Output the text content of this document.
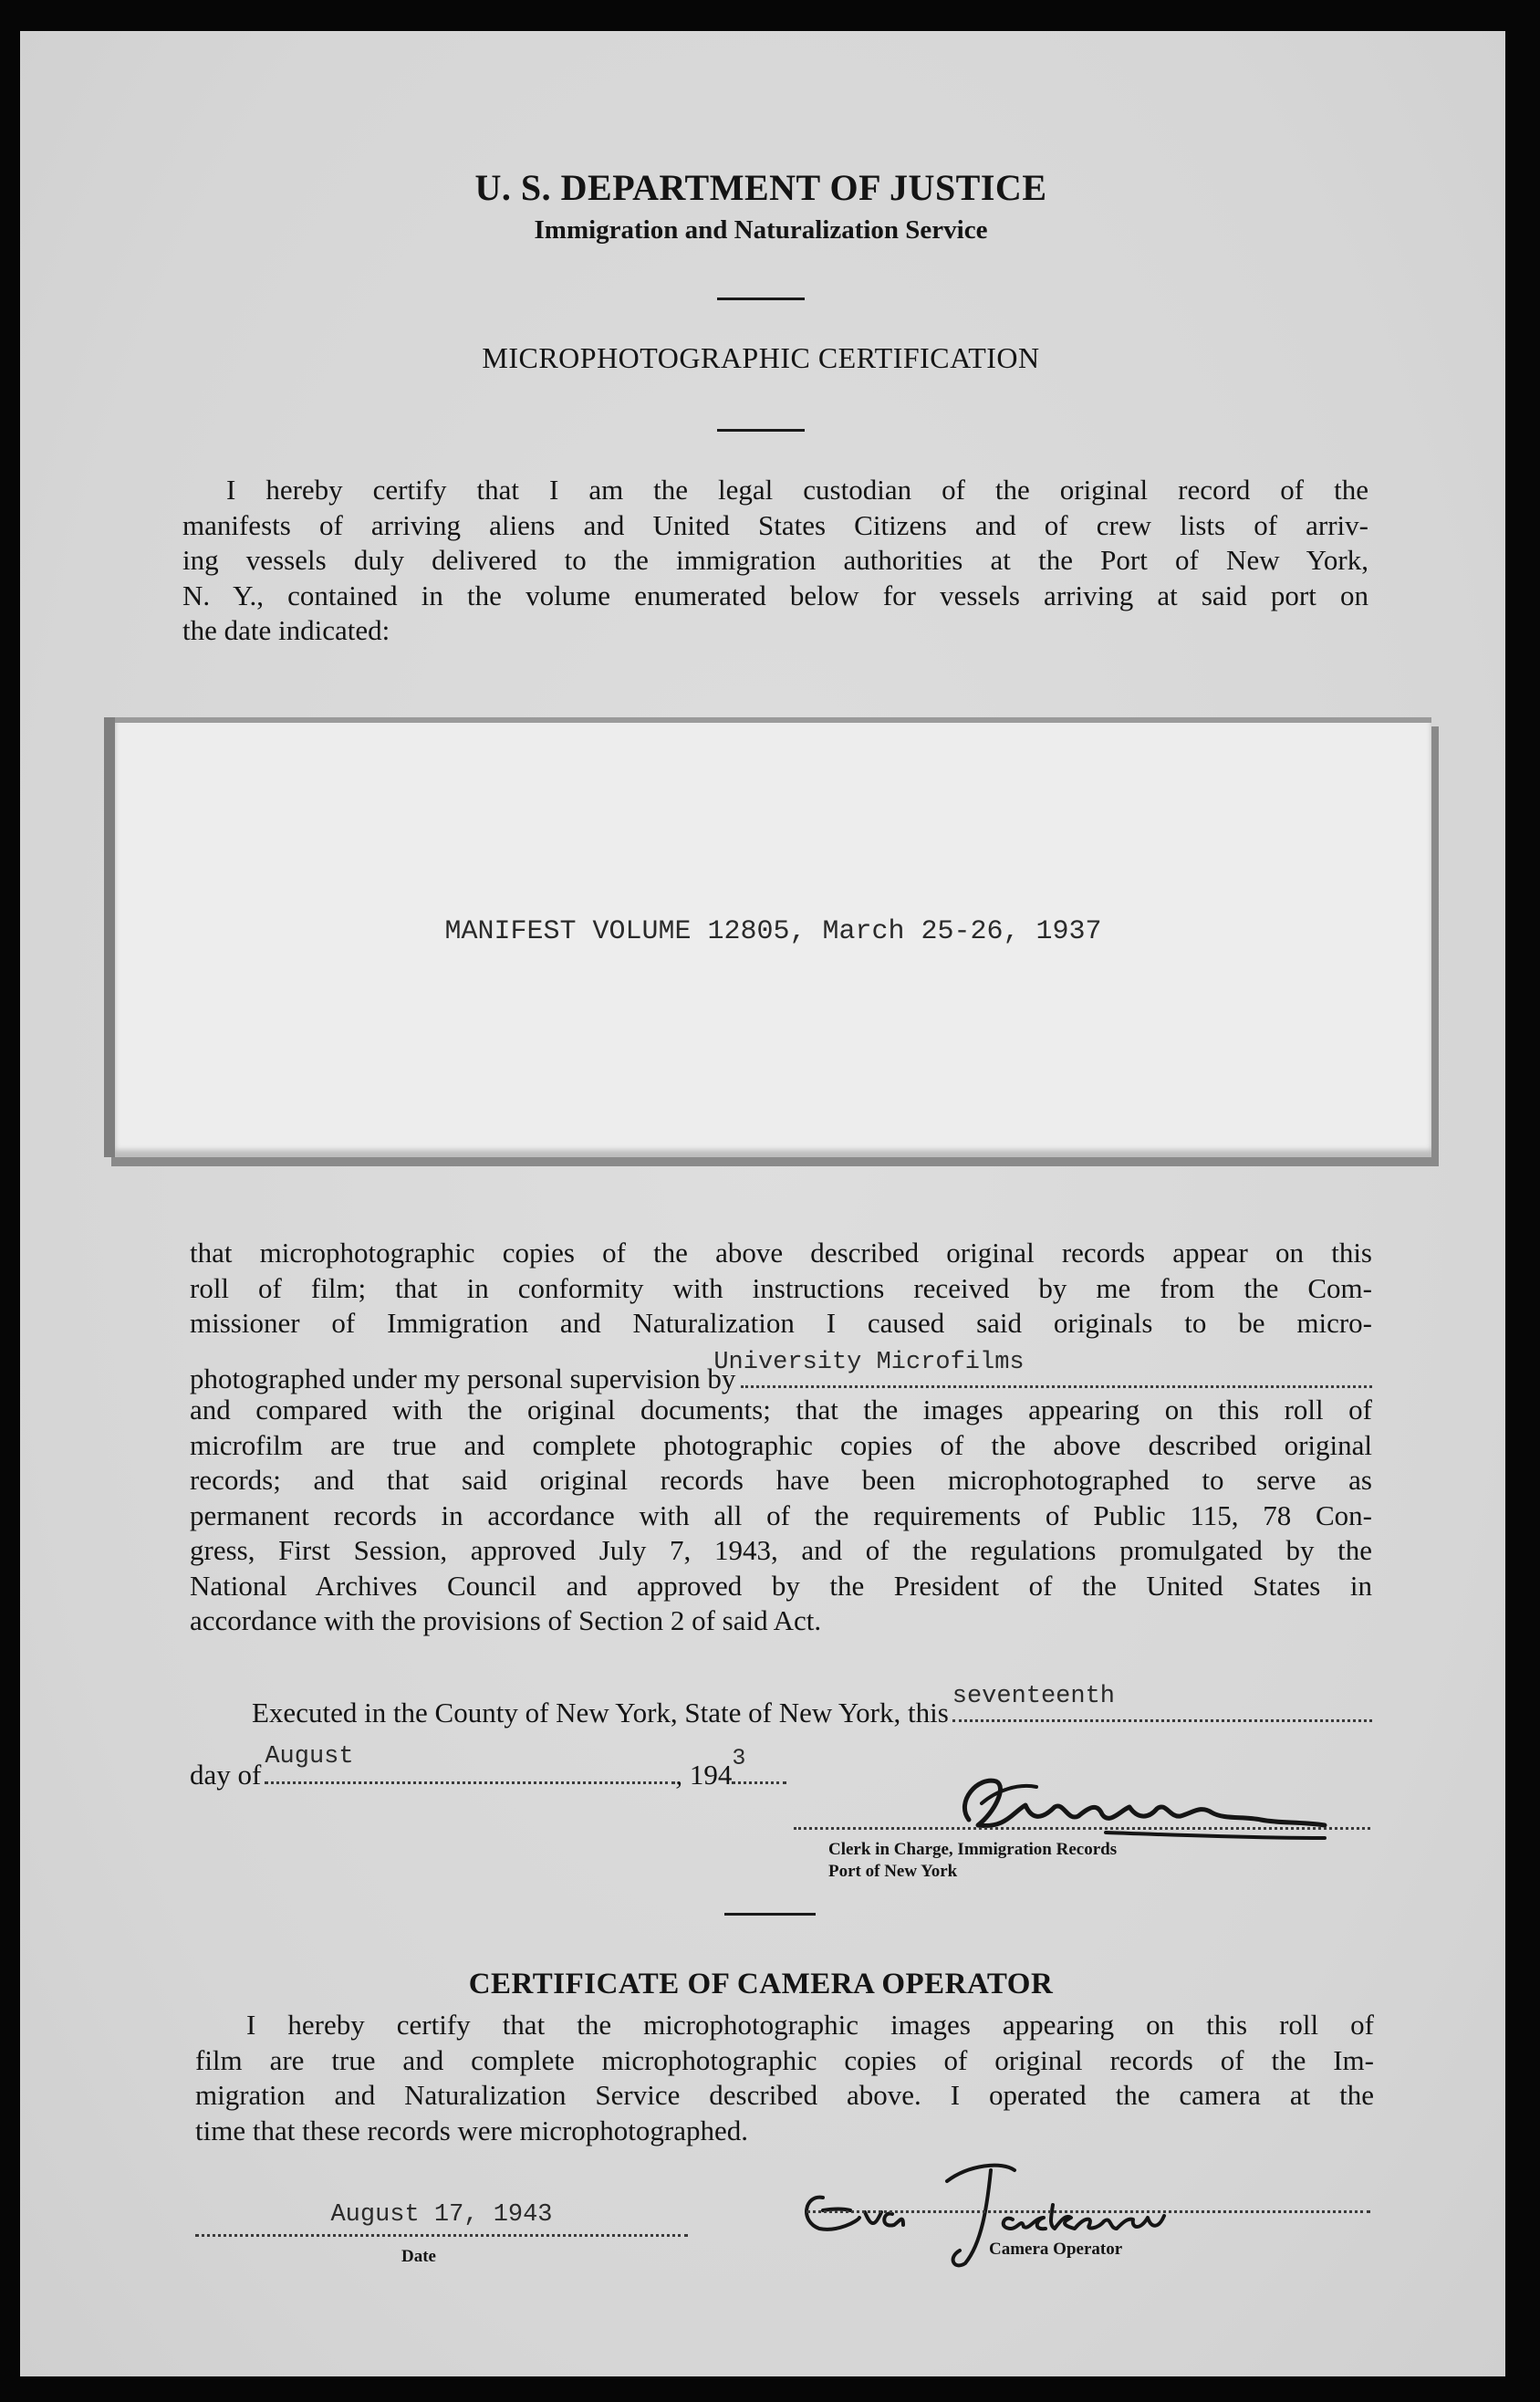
U. S. DEPARTMENT OF JUSTICE
Immigration and Naturalization Service
MICROPHOTOGRAPHIC CERTIFICATION
I hereby certify that I am the legal custodian of the original record of the
manifests of arriving aliens and United States Citizens and of crew lists of arriv-
ing vessels duly delivered to the immigration authorities at the Port of New York,
N. Y., contained in the volume enumerated below for vessels arriving at said port on
the date indicated:
MANIFEST VOLUME 12805, March 25-26, 1937
that microphotographic copies of the above described original records appear on this
roll of film; that in conformity with instructions received by me from the Com-
missioner of Immigration and Naturalization I caused said originals to be micro-
photographed under my personal supervision by
University Microfilms
and compared with the original documents; that the images appearing on this roll of
microfilm are true and complete photographic copies of the above described original
records; and that said original records have been microphotographed to serve as
permanent records in accordance with all of the requirements of Public 115, 78 Con-
gress, First Session, approved July 7, 1943, and of the regulations promulgated by the
National Archives Council and approved by the President of the United States in
accordance with the provisions of Section 2 of said Act.
Executed in the County of New York, State of New York, this seventeenth
day of
August
, 194
3
Clerk in Charge, Immigration Records
Port of New York
CERTIFICATE OF CAMERA OPERATOR
I hereby certify that the microphotographic images appearing on this roll of
film are true and complete microphotographic copies of original records of the Im-
migration and Naturalization Service described above. I operated the camera at the
time that these records were microphotographed.
August 17, 1943
Date	Camera Operator
